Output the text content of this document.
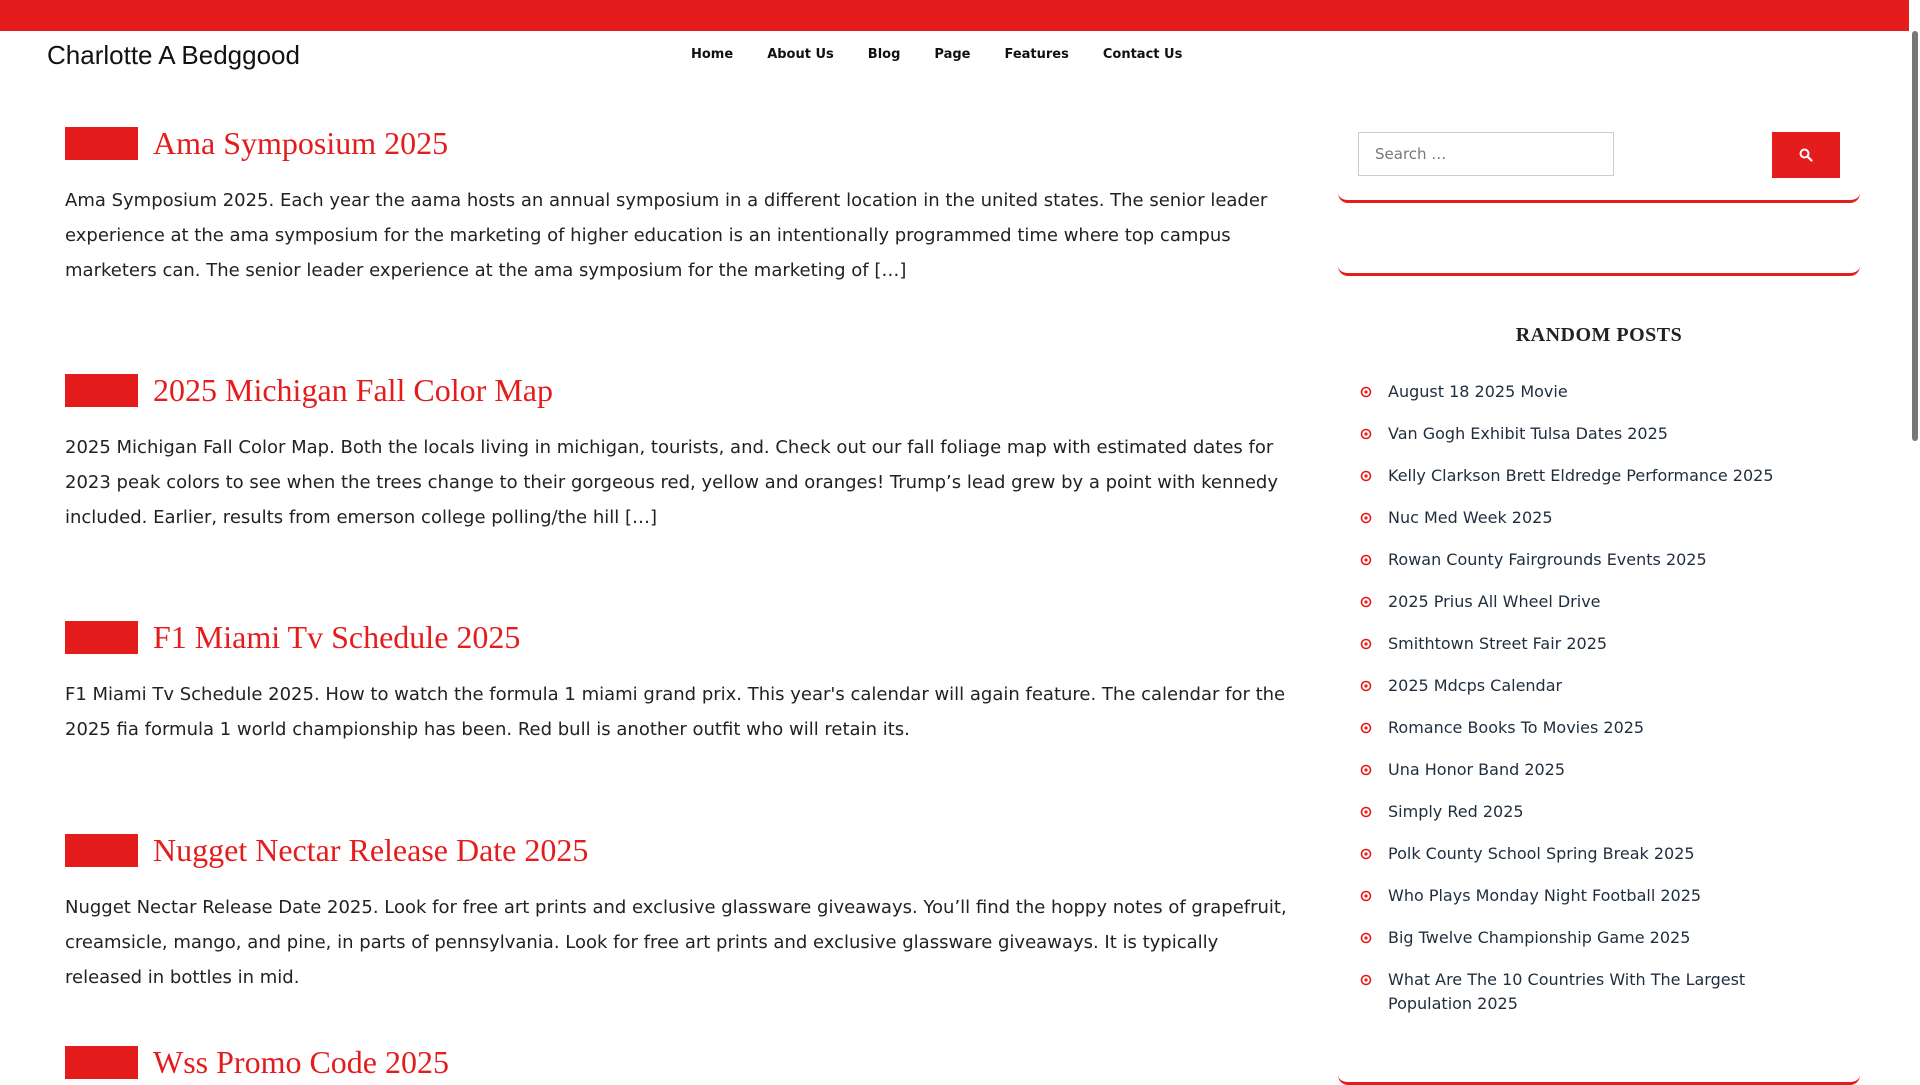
Charlotte A Bedggood	Home	About Us	Blog	Page	Features	Contact Us
Ama Symposium 2025
Ama Symposium 2025. Each year the aama hosts an annual symposium in a different location in the united states. The senior leader experience at the ama symposium for the marketing of higher education is an intentionally programmed time where top campus marketers can. The senior leader experience at the ama symposium for the marketing of […]
2025 Michigan Fall Color Map
2025 Michigan Fall Color Map. Both the locals living in michigan, tourists, and. Check out our fall foliage map with estimated dates for 2023 peak colors to see when the trees change to their gorgeous red, yellow and oranges! Trump’s lead grew by a point with kennedy included. Earlier, results from emerson college polling/the hill […]
F1 Miami Tv Schedule 2025
F1 Miami Tv Schedule 2025. How to watch the formula 1 miami grand prix. This year's calendar will again feature. The calendar for the 2025 fia formula 1 world championship has been. Red bull is another outfit who will retain its.
Nugget Nectar Release Date 2025
Nugget Nectar Release Date 2025. Look for free art prints and exclusive glassware giveaways. You’ll find the hoppy notes of grapefruit, creamsicle, mango, and pine, in parts of pennsylvania. Look for free art prints and exclusive glassware giveaways. It is typically released in bottles in mid.
Wss Promo Code 2025
Search …
RANDOM POSTS
August 18 2025 Movie
Van Gogh Exhibit Tulsa Dates 2025
Kelly Clarkson Brett Eldredge Performance 2025
Nuc Med Week 2025
Rowan County Fairgrounds Events 2025
2025 Prius All Wheel Drive
Smithtown Street Fair 2025
2025 Mdcps Calendar
Romance Books To Movies 2025
Una Honor Band 2025
Simply Red 2025
Polk County School Spring Break 2025
Who Plays Monday Night Football 2025
Big Twelve Championship Game 2025
What Are The 10 Countries With The Largest Population 2025
